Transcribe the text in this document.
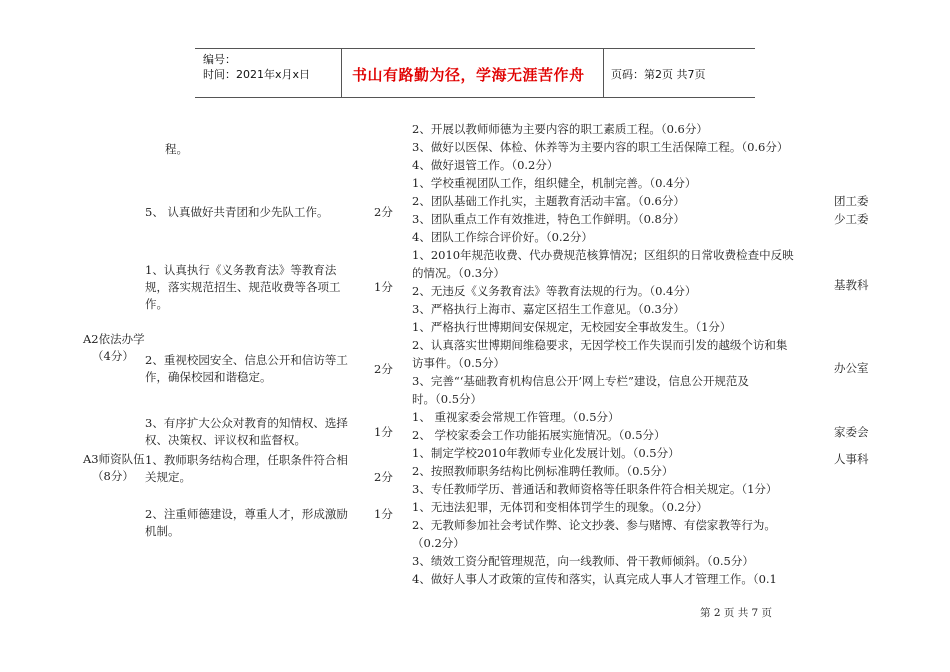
编号：
时间：2021年x月x日	书山有路勤为径，学海无涯苦作舟 页码：第2页 共7页
程。
5、 认真做好共青团和少先队工作。
A2依法办学
（4分）
1、认真执行《义务教育法》等教育法
规，落实规范招生、规范收费等各项工
作。
2、重视校园安全、信息公开和信访等工
作，确保校园和谐稳定。
3、有序扩大公众对教育的知情权、选择
权、决策权、评议权和监督权。
A3师资队伍
（8分）
1、教师职务结构合理，任职条件符合相
关规定。
2、注重师德建设，尊重人才，形成激励
机制。
2分
1分
2分
1分
2分
1分
2、开展以教师师德为主要内容的职工素质工程。（0.6分）
3、做好以医保、体检、休养等为主要内容的职工生活保障工程。（0.6分）
4、做好退管工作。（0.2分）
1、学校重视团队工作，组织健全，机制完善。（0.4分）
2、团队基础工作扎实，主题教育活动丰富。（0.6分）
3、团队重点工作有效推进，特色工作鲜明。（0.8分）
4、团队工作综合评价好。（0.2分）
1、2010年规范收费、代办费规范核算情况；区组织的日常收费检查中反映
的情况。（0.3分）
2、无违反《义务教育法》等教育法规的行为。（0.4分）
3、严格执行上海市、嘉定区招生工作意见。（0.3分）
1、严格执行世博期间安保规定，无校园安全事故发生。（1分）
2、认真落实世博期间维稳要求，无因学校工作失误而引发的越级个访和集
访事件。（0.5分）
3、完善“‘基础教育机构信息公开’网上专栏”建设，信息公开规范及
时。（0.5分）
1、 重视家委会常规工作管理。（0.5分）
2、 学校家委会工作功能拓展实施情况。（0.5分）
1、制定学校2010年教师专业化发展计划。（0.5分）
2、按照教师职务结构比例标准聘任教师。（0.5分）
3、专任教师学历、普通话和教师资格等任职条件符合相关规定。（1分）
1、无违法犯罪，无体罚和变相体罚学生的现象。（0.2分）
2、无教师参加社会考试作弊、论文抄袭、参与赌博、有偿家教等行为。
（0.2分）
3、绩效工资分配管理规范，向一线教师、骨干教师倾斜。（0.5分）
4、做好人事人才政策的宣传和落实，认真完成人事人才管理工作。（0.1
团工委
少工委
基教科
办公室
家委会
人事科
第 2 页 共 7 页
